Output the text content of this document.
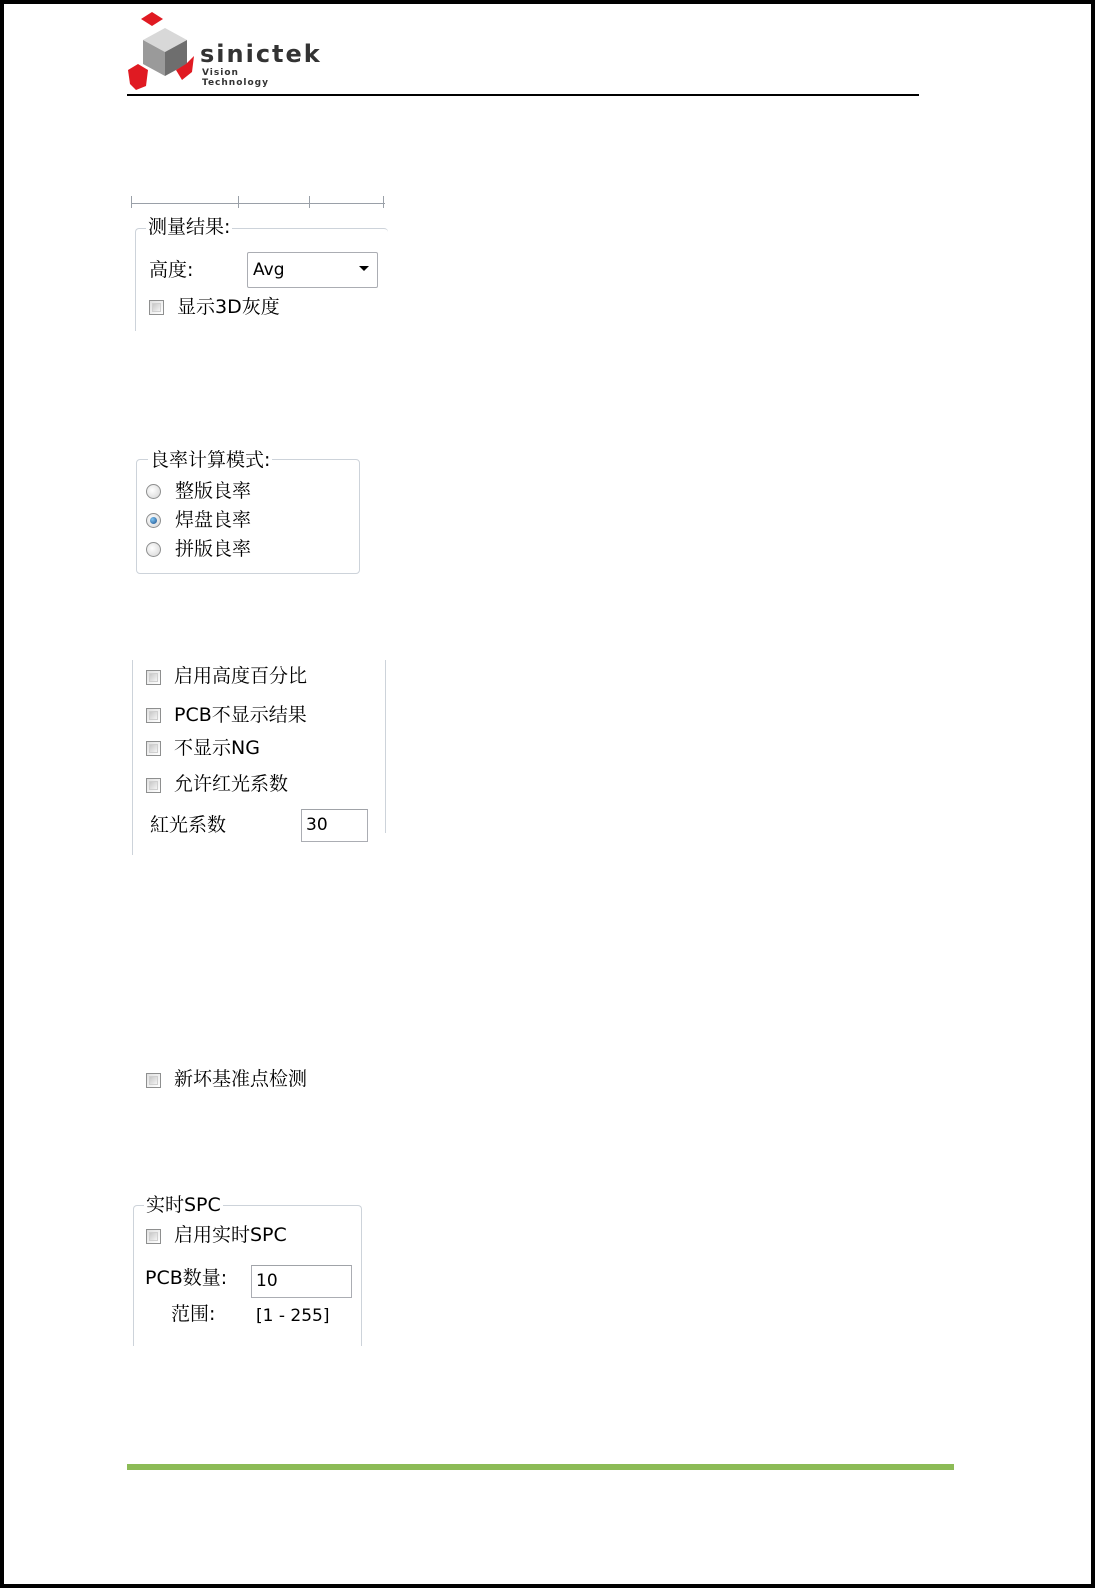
sinictek
Vision Technology
测量结果:
高度:	Avg
显示3D灰度
良率计算模式:
整版良率
焊盘良率
拼版良率
启用高度百分比
PCB不显示结果
不显示NG
允许红光系数
紅光系数	30
新坏基准点检测
实时SPC
启用实时SPC
PCB数量: 10
范围: [1 - 255]
